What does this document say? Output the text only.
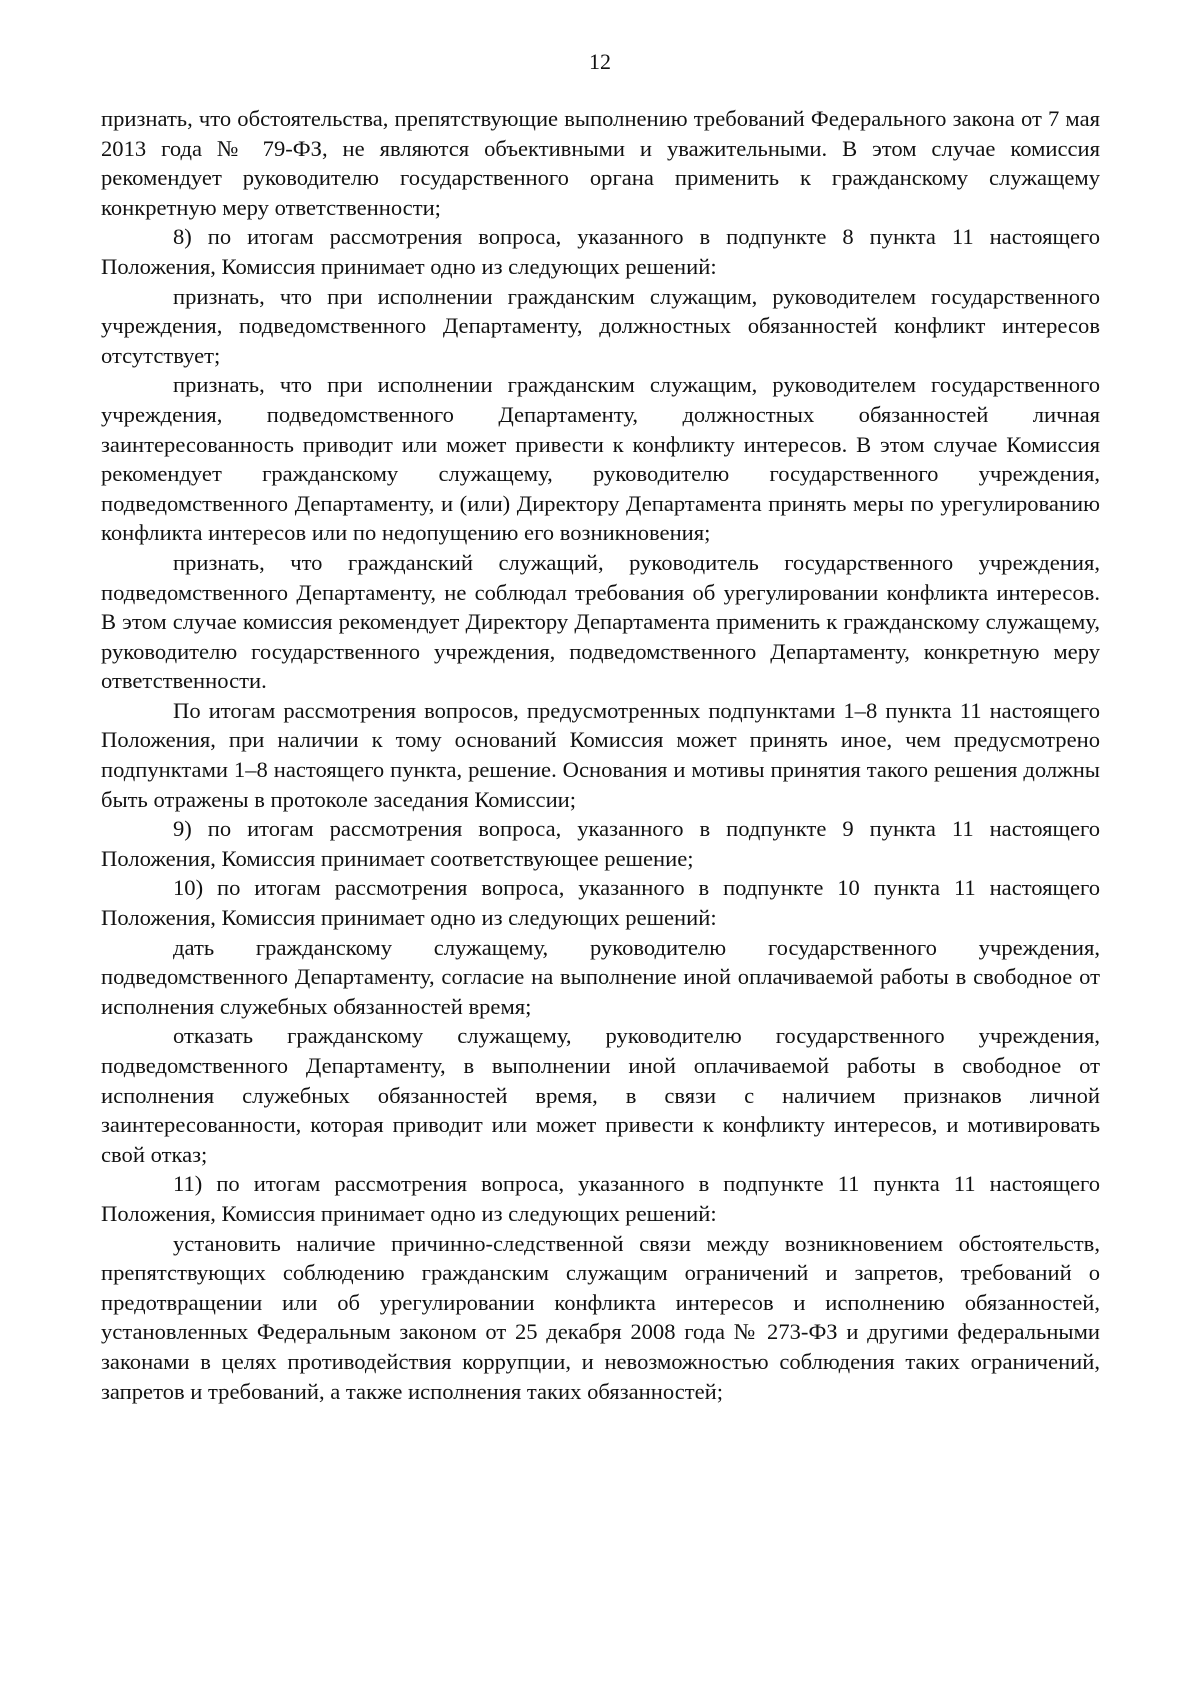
12

признать, что обстоятельства, препятствующие выполнению требований Федерального закона от 7 мая 2013 года № 79-ФЗ, не являются объективными и уважительными. В этом случае комиссия рекомендует руководителю государственного органа применить к гражданскому служащему конкретную меру ответственности;

8) по итогам рассмотрения вопроса, указанного в подпункте 8 пункта 11 настоящего Положения, Комиссия принимает одно из следующих решений:

признать, что при исполнении гражданским служащим, руководителем государственного учреждения, подведомственного Департаменту, должностных обязанностей конфликт интересов отсутствует;

признать, что при исполнении гражданским служащим, руководителем государственного учреждения, подведомственного Департаменту, должностных обязанностей личная заинтересованность приводит или может привести к конфликту интересов. В этом случае Комиссия рекомендует гражданскому служащему, руководителю государственного учреждения, подведомственного Департаменту, и (или) Директору Департамента принять меры по урегулированию конфликта интересов или по недопущению его возникновения;

признать, что гражданский служащий, руководитель государственного учреждения, подведомственного Департаменту, не соблюдал требования об урегулировании конфликта интересов. В этом случае комиссия рекомендует Директору Департамента применить к гражданскому служащему, руководителю государственного учреждения, подведомственного Департаменту, конкретную меру ответственности.

По итогам рассмотрения вопросов, предусмотренных подпунктами 1–8 пункта 11 настоящего Положения, при наличии к тому оснований Комиссия может принять иное, чем предусмотрено подпунктами 1–8 настоящего пункта, решение. Основания и мотивы принятия такого решения должны быть отражены в протоколе заседания Комиссии;

9) по итогам рассмотрения вопроса, указанного в подпункте 9 пункта 11 настоящего Положения, Комиссия принимает соответствующее решение;

10) по итогам рассмотрения вопроса, указанного в подпункте 10 пункта 11 настоящего Положения, Комиссия принимает одно из следующих решений:

дать гражданскому служащему, руководителю государственного учреждения, подведомственного Департаменту, согласие на выполнение иной оплачиваемой работы в свободное от исполнения служебных обязанностей время;

отказать гражданскому служащему, руководителю государственного учреждения, подведомственного Департаменту, в выполнении иной оплачиваемой работы в свободное от исполнения служебных обязанностей время, в связи с наличием признаков личной заинтересованности, которая приводит или может привести к конфликту интересов, и мотивировать свой отказ;

11) по итогам рассмотрения вопроса, указанного в подпункте 11 пункта 11 настоящего Положения, Комиссия принимает одно из следующих решений:

установить наличие причинно-следственной связи между возникновением обстоятельств, препятствующих соблюдению гражданским служащим ограничений и запретов, требований о предотвращении или об урегулировании конфликта интересов и исполнению обязанностей, установленных Федеральным законом от 25 декабря 2008 года № 273-ФЗ и другими федеральными законами в целях противодействия коррупции, и невозможностью соблюдения таких ограничений, запретов и требований, а также исполнения таких обязанностей;
